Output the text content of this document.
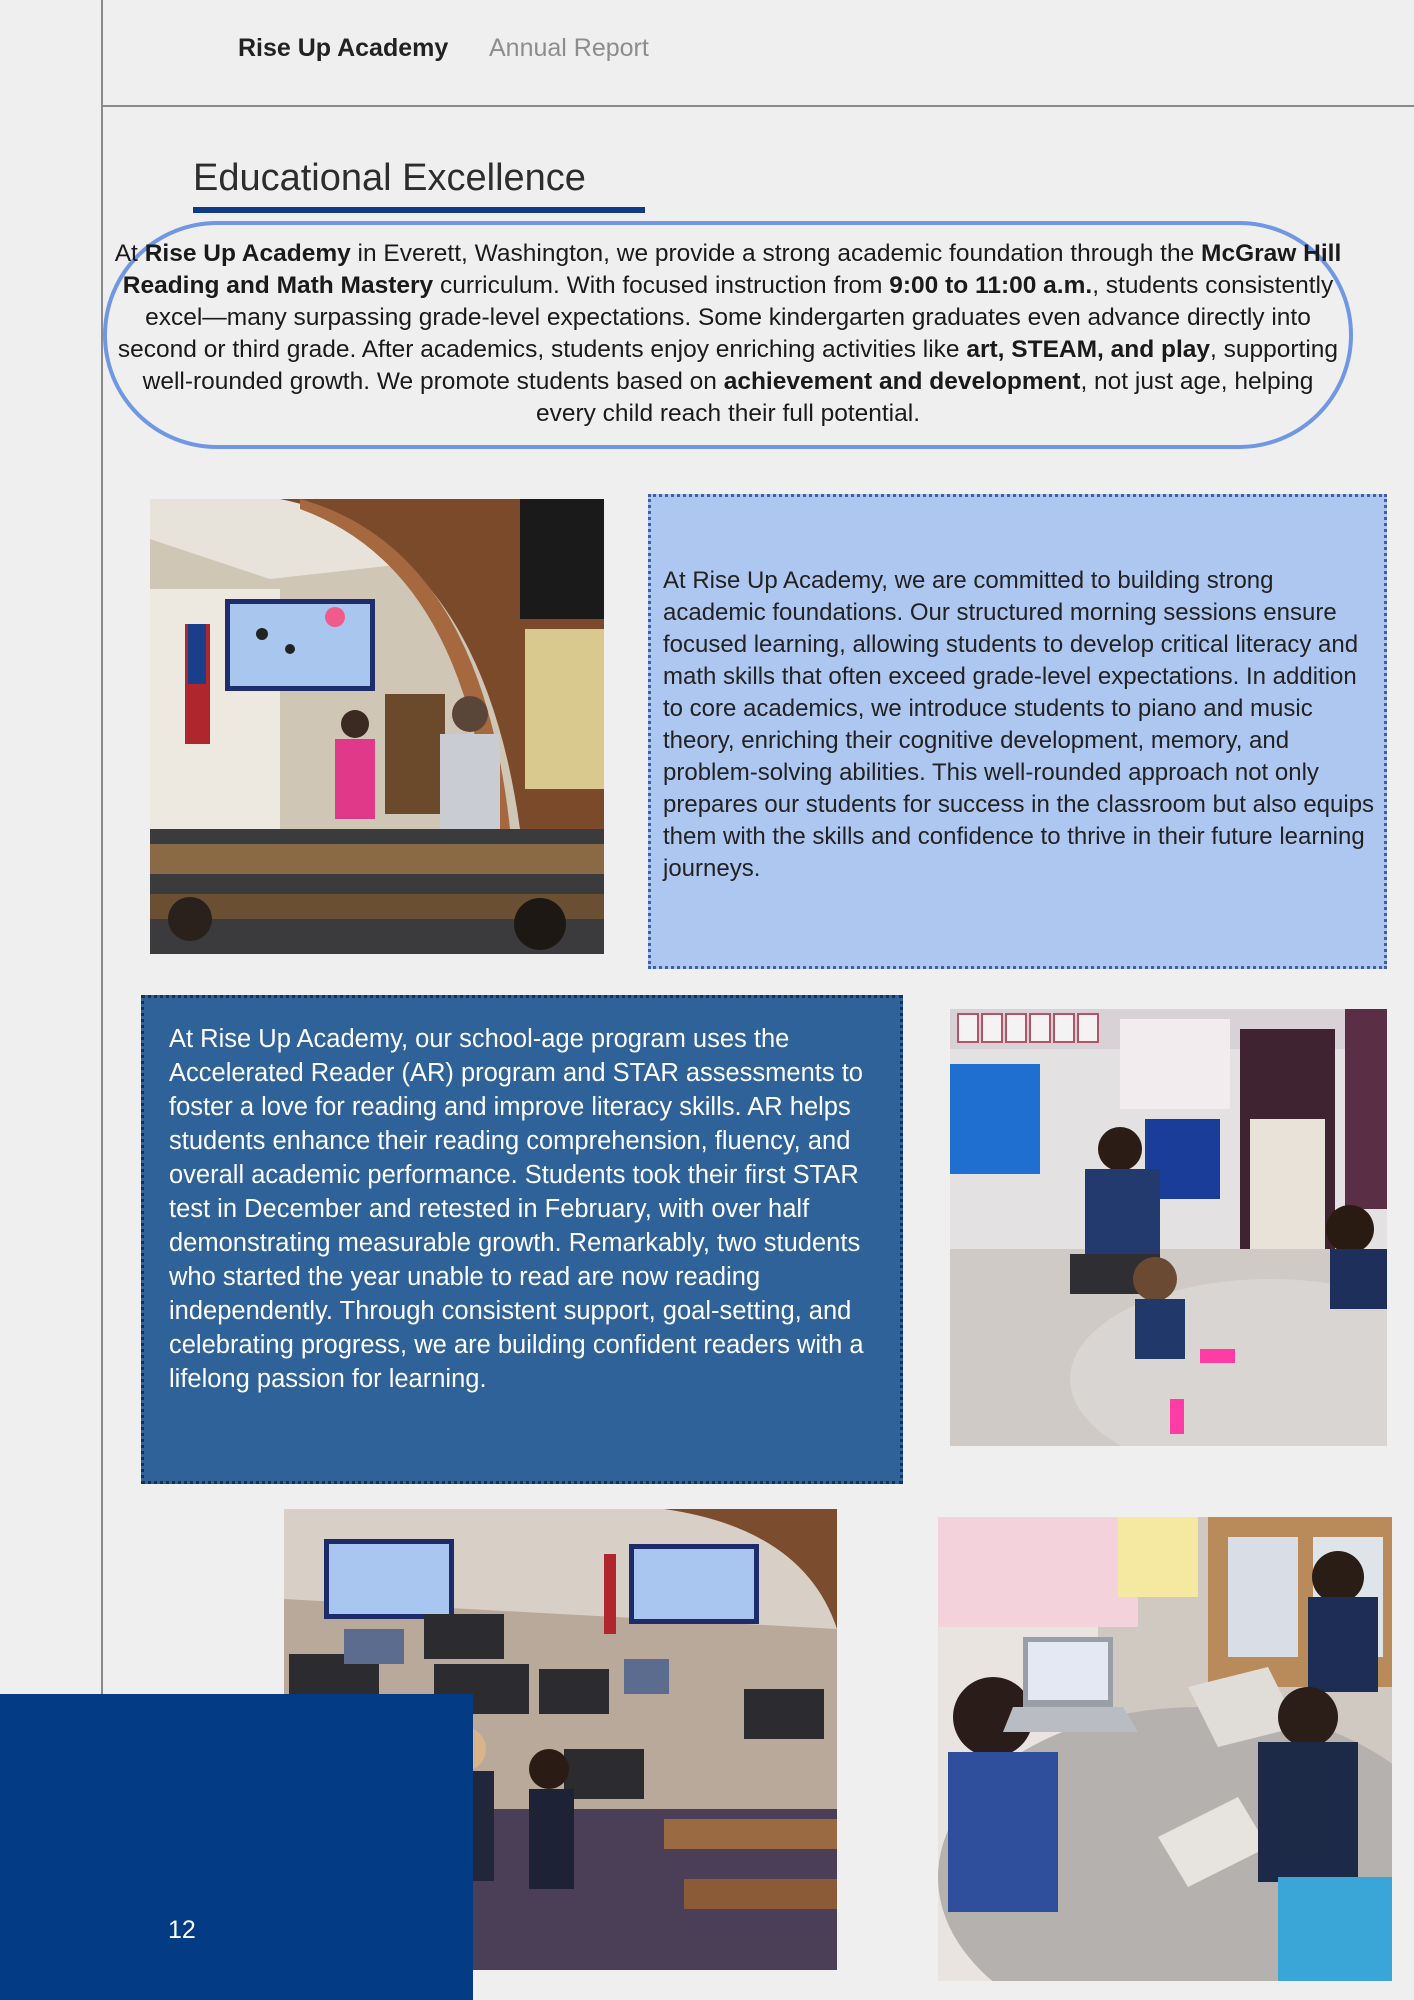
Rise Up Academy Annual Report
Educational Excellence
At Rise Up Academy in Everett, Washington, we provide a strong academic foundation through the McGraw Hill Reading and Math Mastery curriculum. With focused instruction from 9:00 to 11:00 a.m., students consistently excel—many surpassing grade-level expectations. Some kindergarten graduates even advance directly into second or third grade. After academics, students enjoy enriching activities like art, STEAM, and play, supporting well-rounded growth. We promote students based on achievement and development, not just age, helping every child reach their full potential.
At Rise Up Academy, we are committed to building strong academic foundations. Our structured morning sessions ensure focused learning, allowing students to develop critical literacy and math skills that often exceed grade-level expectations. In addition to core academics, we introduce students to piano and music theory, enriching their cognitive development, memory, and problem-solving abilities. This well-rounded approach not only prepares our students for success in the classroom but also equips them with the skills and confidence to thrive in their future learning journeys.
At Rise Up Academy, our school-age program uses the Accelerated Reader (AR) program and STAR assessments to foster a love for reading and improve literacy skills. AR helps students enhance their reading comprehension, fluency, and overall academic performance. Students took their first STAR test in December and retested in February, with over half demonstrating measurable growth. Remarkably, two students who started the year unable to read are now reading independently. Through consistent support, goal-setting, and celebrating progress, we are building confident readers with a lifelong passion for learning.
12
